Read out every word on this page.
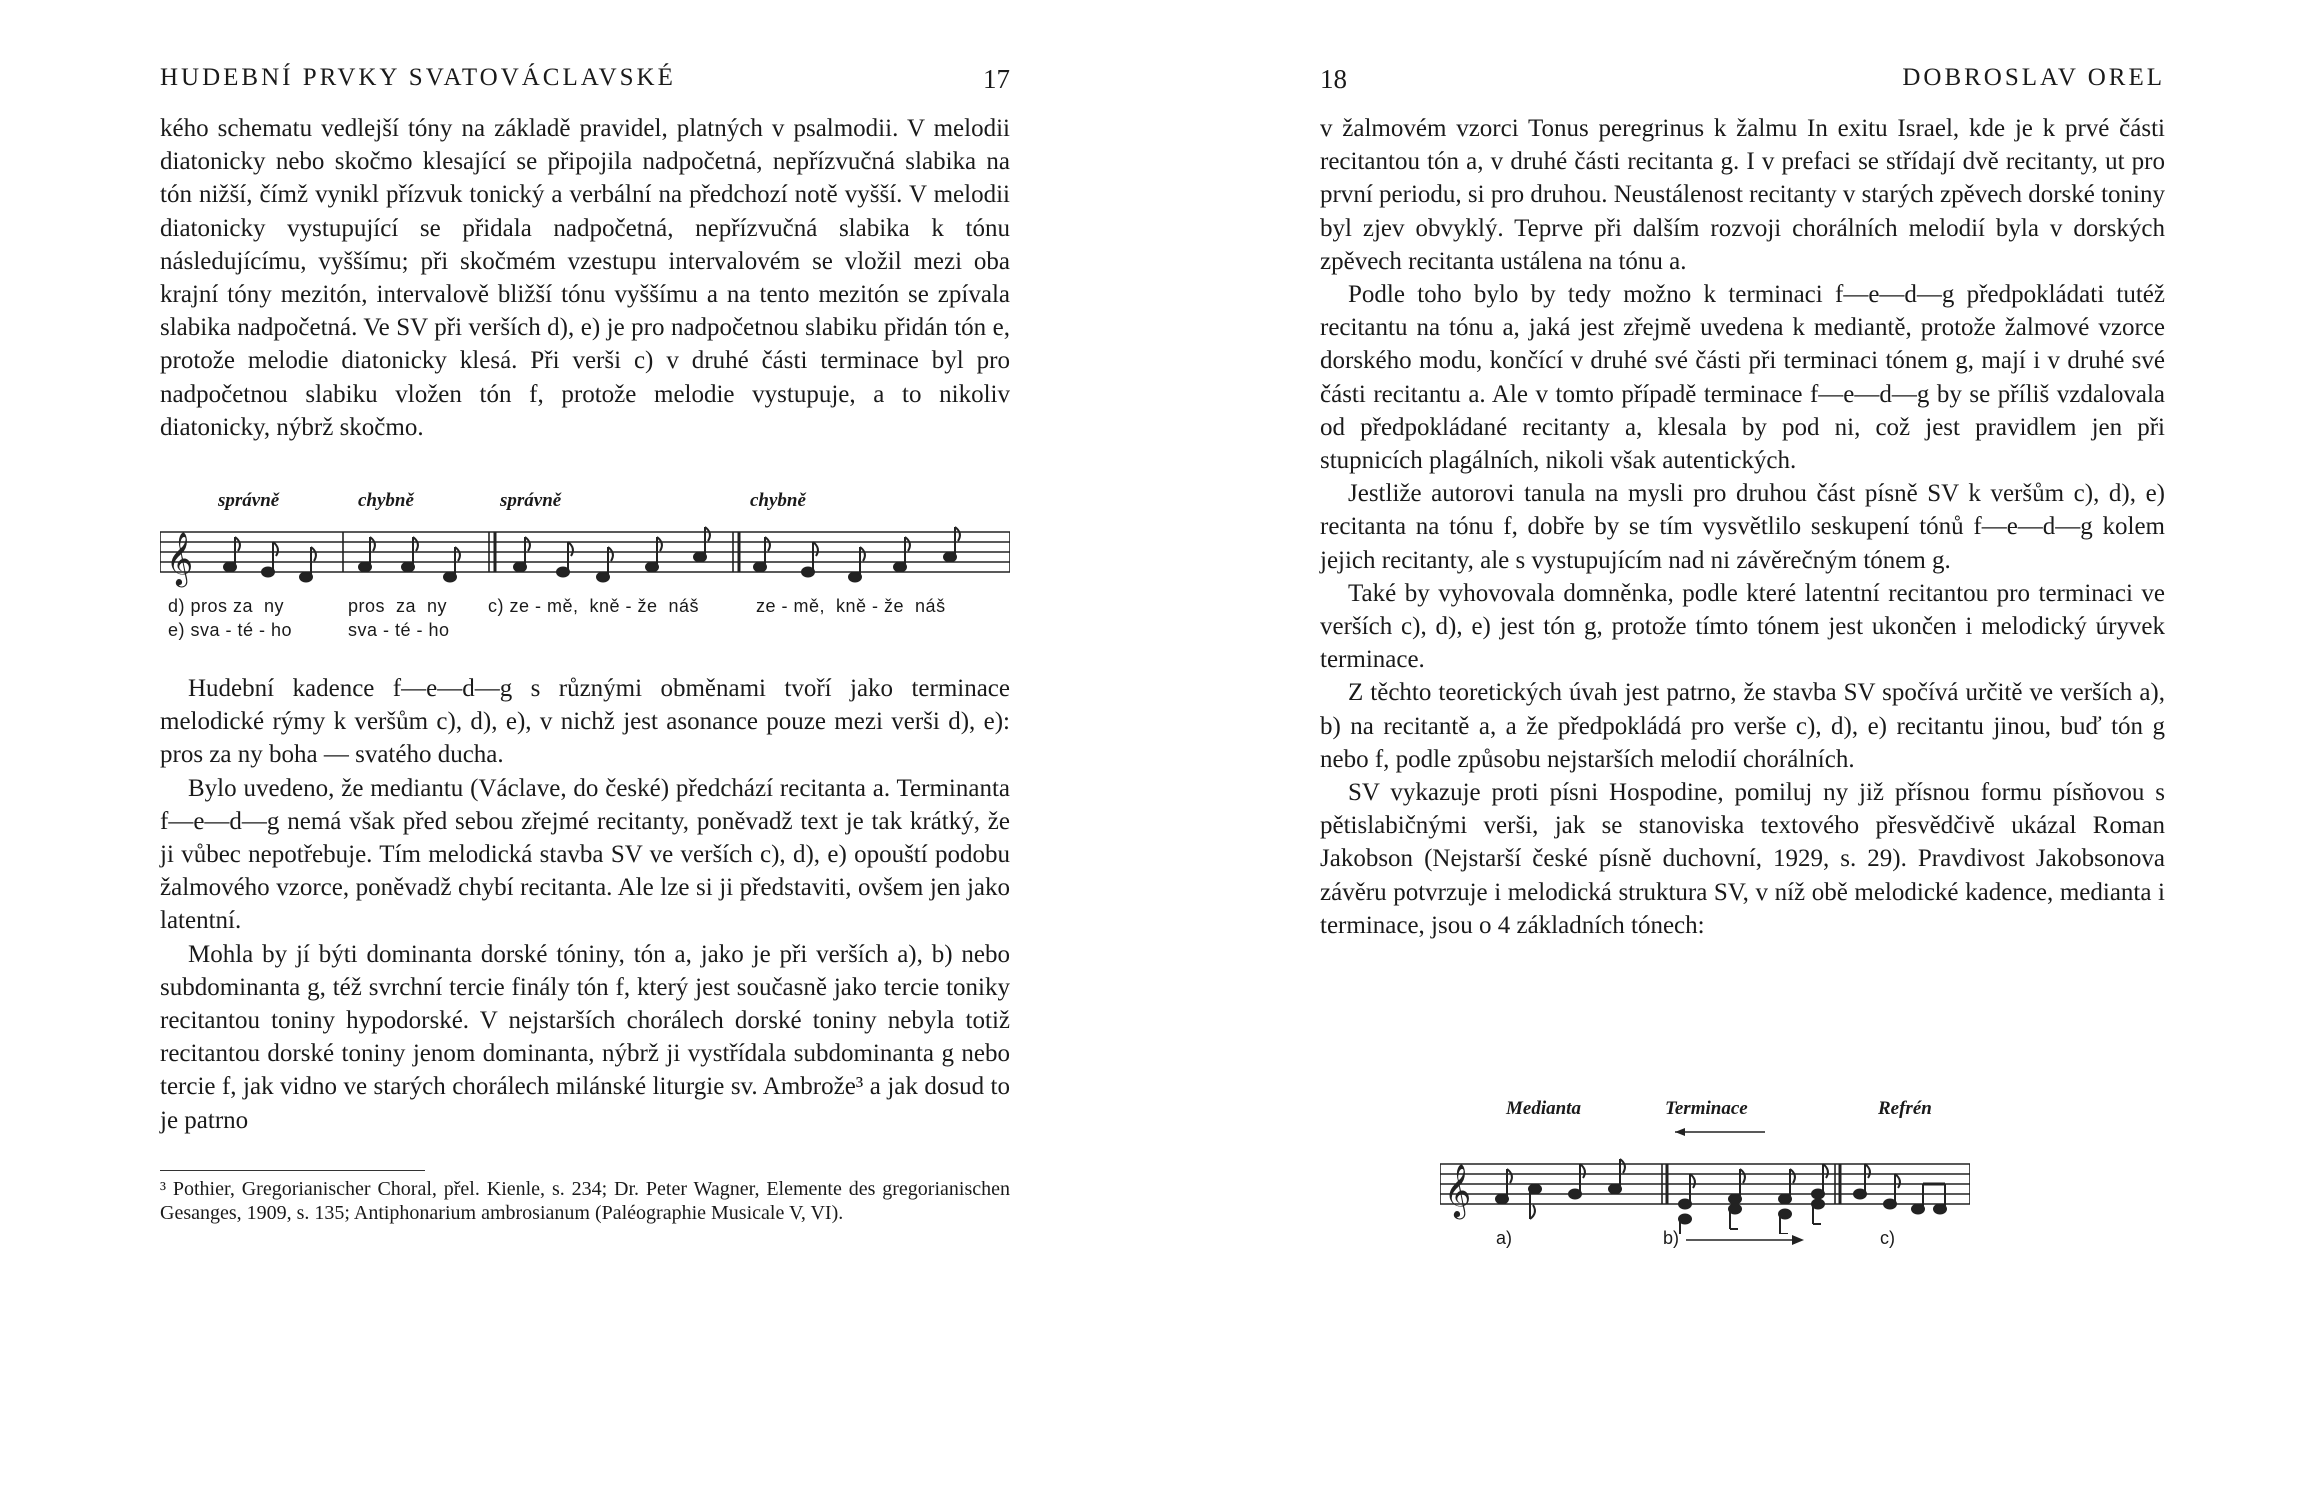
HUDEBNÍ PRVKY SVATOVÁCLAVSKÉ	17

kého schematu vedlejší tóny na základě pravidel, platných v psalmodii. V melodii diatonicky nebo skočmo klesající se připojila nadpočetná, nepřízvučná slabika na tón nižší, čímž vynikl přízvuk tonický a verbální na předchozí notě vyšší. V melodii diatonicky vystupující se přidala nadpočetná, nepřízvučná slabika k tónu následujícímu, vyššímu; při skočmém vzestupu intervalovém se vložil mezi oba krajní tóny mezitón, intervalově bližší tónu vyššímu a na tento mezitón se zpívala slabika nadpočetná. Ve SV při verších d), e) je pro nadpočetnou slabiku přidán tón e, protože melodie diatonicky klesá. Při verši c) v druhé části terminace byl pro nadpočetnou slabiku vložen tón f, protože melodie vystupuje, a to nikoliv diatonicky, nýbrž skočmo.

správně	chybně	správně	chybně
𝄞
d) pros za  ny	pros  za  ny c) ze - mě,  kně - že  náš	ze - mě,  kně - že  náš
e) sva - té - ho	sva - té - ho

Hudební kadence f—e—d—g s různými obměnami tvoří jako terminace melodické rýmy k veršům c), d), e), v nichž jest asonance pouze mezi verši d), e): pros za ny boha — svatého ducha.

Bylo uvedeno, že mediantu (Václave, do české) předchází recitanta a. Terminanta f—e—d—g nemá však před sebou zřejmé recitanty, poněvadž text je tak krátký, že ji vůbec nepotřebuje. Tím melodická stavba SV ve verších c), d), e) opouští podobu žalmového vzorce, poněvadž chybí recitanta. Ale lze si ji představiti, ovšem jen jako latentní.

Mohla by jí býti dominanta dorské tóniny, tón a, jako je při verších a), b) nebo subdominanta g, též svrchní tercie finály tón f, který jest současně jako tercie toniky recitantou toniny hypodorské. V nejstarších chorálech dorské toniny nebyla totiž recitantou dorské toniny jenom dominanta, nýbrž ji vystřídala subdominanta g nebo tercie f, jak vidno ve starých chorálech milánské liturgie sv. Ambrože³ a jak dosud to je patrno

³ Pothier, Gregorianischer Choral, přel. Kienle, s. 234; Dr. Peter Wagner, Elemente des gregorianischen Gesanges, 1909, s. 135; Antiphonarium ambrosianum (Paléographie Musicale V, VI).
18	DOBROSLAV OREL

v žalmovém vzorci Tonus peregrinus k žalmu In exitu Israel, kde je k prvé části recitantou tón a, v druhé části recitanta g. I v prefaci se střídají dvě recitanty, ut pro první periodu, si pro druhou. Neustálenost recitanty v starých zpěvech dorské toniny byl zjev obvyklý. Teprve při dalším rozvoji chorálních melodií byla v dorských zpěvech recitanta ustálena na tónu a.

Podle toho bylo by tedy možno k terminaci f—e—d—g předpokládati tutéž recitantu na tónu a, jaká jest zřejmě uvedena k mediantě, protože žalmové vzorce dorského modu, končící v druhé své části při terminaci tónem g, mají i v druhé své části recitantu a. Ale v tomto případě terminace f—e—d—g by se příliš vzdalovala od předpokládané recitanty a, klesala by pod ni, což jest pravidlem jen při stupnicích plagálních, nikoli však autentických.

Jestliže autorovi tanula na mysli pro druhou část písně SV k veršům c), d), e) recitanta na tónu f, dobře by se tím vysvětlilo seskupení tónů f—e—d—g kolem jejich recitanty, ale s vystupujícím nad ni závěrečným tónem g.

Také by vyhovovala domněnka, podle které latentní recitantou pro terminaci ve verších c), d), e) jest tón g, protože tímto tónem jest ukončen i melodický úryvek terminace.

Z těchto teoretických úvah jest patrno, že stavba SV spočívá určitě ve verších a), b) na recitantě a, a že předpokládá pro verše c), d), e) recitantu jinou, buď tón g nebo f, podle způsobu nejstarších melodií chorálních.

SV vykazuje proti písni Hospodine, pomiluj ny již přísnou formu písňovou s pětislabičnými verši, jak se stanoviska textového přesvědčivě ukázal Roman Jakobson (Nejstarší české písně duchovní, 1929, s. 29). Pravdivost Jakobsonova závěru potvrzuje i melodická struktura SV, v níž obě melodické kadence, medianta i terminace, jsou o 4 základních tónech:

Medianta	Terminace	Refrén
𝄞
a)	b)	c)
